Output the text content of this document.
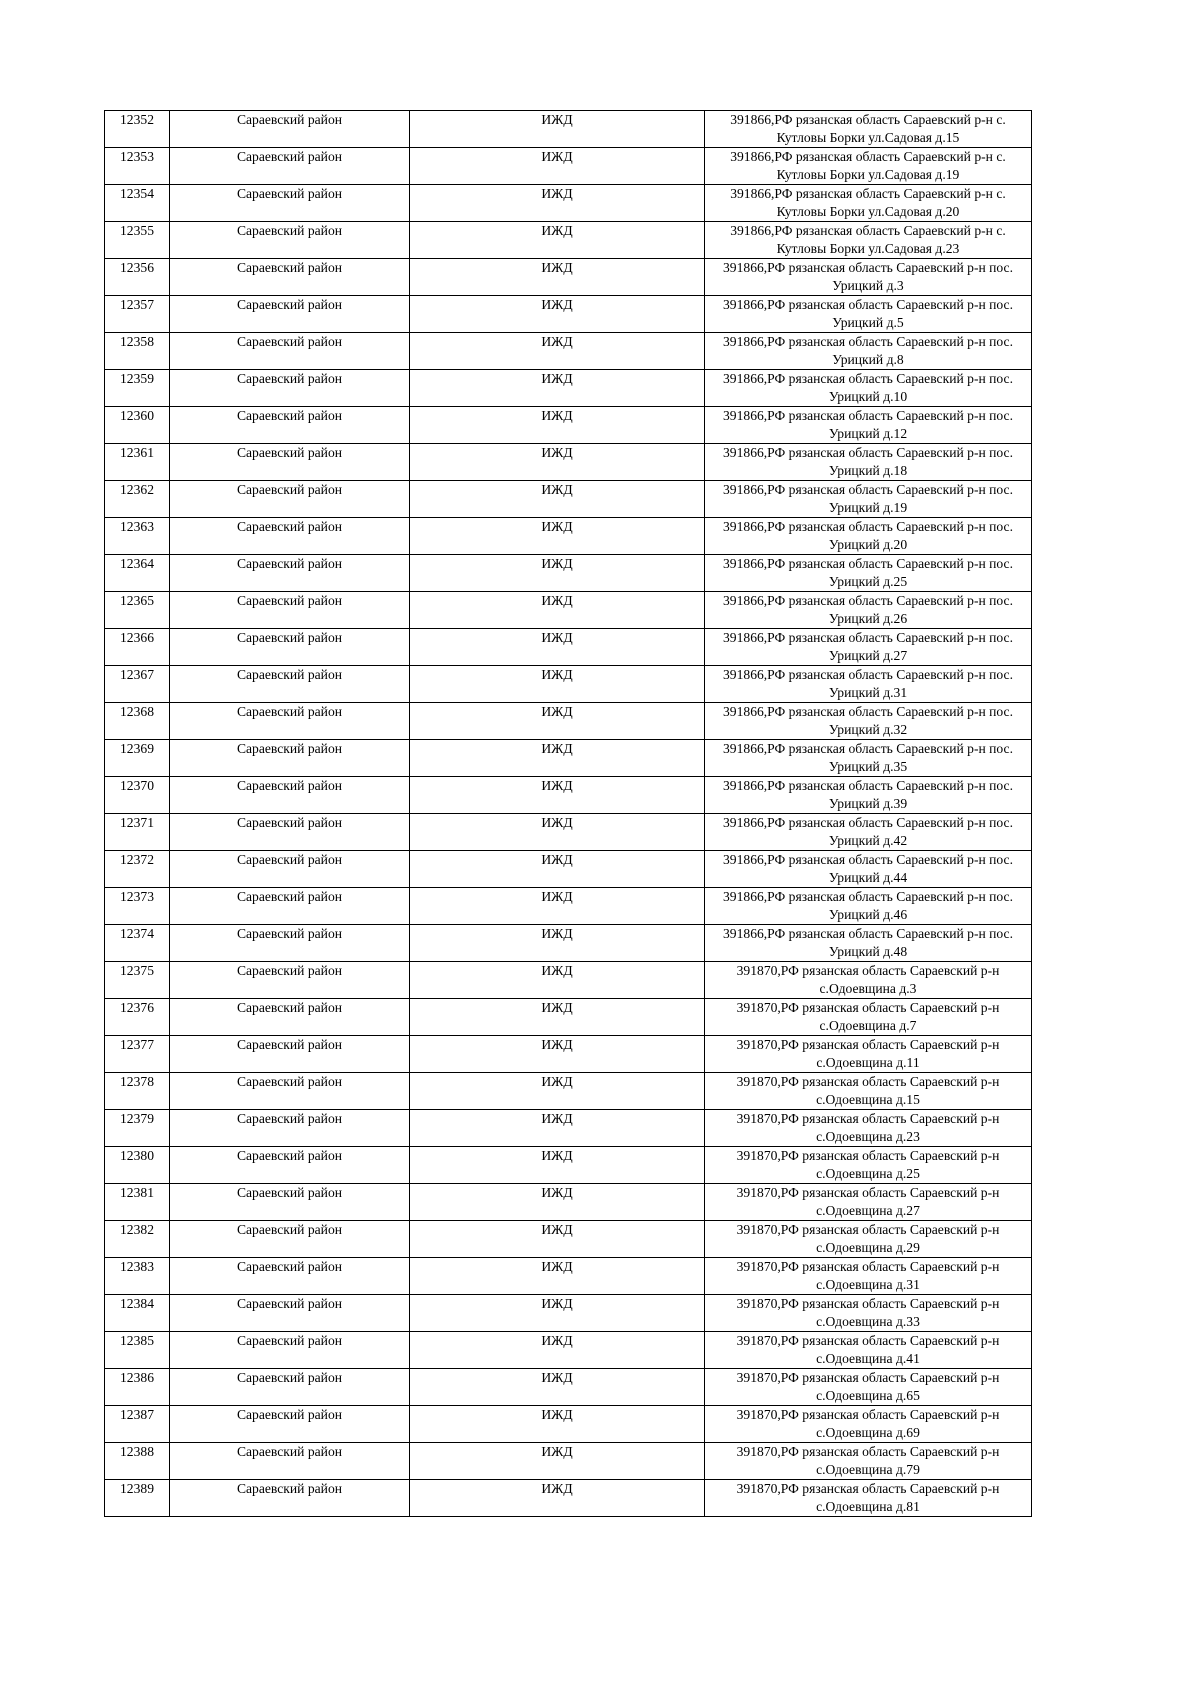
12352	Сараевский район	ИЖД	391866,РФ рязанская область Сараевский р-н с. Кутловы Борки ул.Садовая д.15
12353	Сараевский район	ИЖД	391866,РФ рязанская область Сараевский р-н с. Кутловы Борки ул.Садовая д.19
12354	Сараевский район	ИЖД	391866,РФ рязанская область Сараевский р-н с. Кутловы Борки ул.Садовая д.20
12355	Сараевский район	ИЖД	391866,РФ рязанская область Сараевский р-н с. Кутловы Борки ул.Садовая д.23
12356	Сараевский район	ИЖД	391866,РФ рязанская область Сараевский р-н пос. Урицкий д.3
12357	Сараевский район	ИЖД	391866,РФ рязанская область Сараевский р-н пос. Урицкий д.5
12358	Сараевский район	ИЖД	391866,РФ рязанская область Сараевский р-н пос. Урицкий д.8
12359	Сараевский район	ИЖД	391866,РФ рязанская область Сараевский р-н пос. Урицкий д.10
12360	Сараевский район	ИЖД	391866,РФ рязанская область Сараевский р-н пос. Урицкий д.12
12361	Сараевский район	ИЖД	391866,РФ рязанская область Сараевский р-н пос. Урицкий д.18
12362	Сараевский район	ИЖД	391866,РФ рязанская область Сараевский р-н пос. Урицкий д.19
12363	Сараевский район	ИЖД	391866,РФ рязанская область Сараевский р-н пос. Урицкий д.20
12364	Сараевский район	ИЖД	391866,РФ рязанская область Сараевский р-н пос. Урицкий д.25
12365	Сараевский район	ИЖД	391866,РФ рязанская область Сараевский р-н пос. Урицкий д.26
12366	Сараевский район	ИЖД	391866,РФ рязанская область Сараевский р-н пос. Урицкий д.27
12367	Сараевский район	ИЖД	391866,РФ рязанская область Сараевский р-н пос. Урицкий д.31
12368	Сараевский район	ИЖД	391866,РФ рязанская область Сараевский р-н пос. Урицкий д.32
12369	Сараевский район	ИЖД	391866,РФ рязанская область Сараевский р-н пос. Урицкий д.35
12370	Сараевский район	ИЖД	391866,РФ рязанская область Сараевский р-н пос. Урицкий д.39
12371	Сараевский район	ИЖД	391866,РФ рязанская область Сараевский р-н пос. Урицкий д.42
12372	Сараевский район	ИЖД	391866,РФ рязанская область Сараевский р-н пос. Урицкий д.44
12373	Сараевский район	ИЖД	391866,РФ рязанская область Сараевский р-н пос. Урицкий д.46
12374	Сараевский район	ИЖД	391866,РФ рязанская область Сараевский р-н пос. Урицкий д.48
12375	Сараевский район	ИЖД	391870,РФ рязанская область Сараевский р-н с.Одоевщина д.3
12376	Сараевский район	ИЖД	391870,РФ рязанская область Сараевский р-н с.Одоевщина д.7
12377	Сараевский район	ИЖД	391870,РФ рязанская область Сараевский р-н с.Одоевщина д.11
12378	Сараевский район	ИЖД	391870,РФ рязанская область Сараевский р-н с.Одоевщина д.15
12379	Сараевский район	ИЖД	391870,РФ рязанская область Сараевский р-н с.Одоевщина д.23
12380	Сараевский район	ИЖД	391870,РФ рязанская область Сараевский р-н с.Одоевщина д.25
12381	Сараевский район	ИЖД	391870,РФ рязанская область Сараевский р-н с.Одоевщина д.27
12382	Сараевский район	ИЖД	391870,РФ рязанская область Сараевский р-н с.Одоевщина д.29
12383	Сараевский район	ИЖД	391870,РФ рязанская область Сараевский р-н с.Одоевщина д.31
12384	Сараевский район	ИЖД	391870,РФ рязанская область Сараевский р-н с.Одоевщина д.33
12385	Сараевский район	ИЖД	391870,РФ рязанская область Сараевский р-н с.Одоевщина д.41
12386	Сараевский район	ИЖД	391870,РФ рязанская область Сараевский р-н с.Одоевщина д.65
12387	Сараевский район	ИЖД	391870,РФ рязанская область Сараевский р-н с.Одоевщина д.69
12388	Сараевский район	ИЖД	391870,РФ рязанская область Сараевский р-н с.Одоевщина д.79
12389	Сараевский район	ИЖД	391870,РФ рязанская область Сараевский р-н с.Одоевщина д.81
